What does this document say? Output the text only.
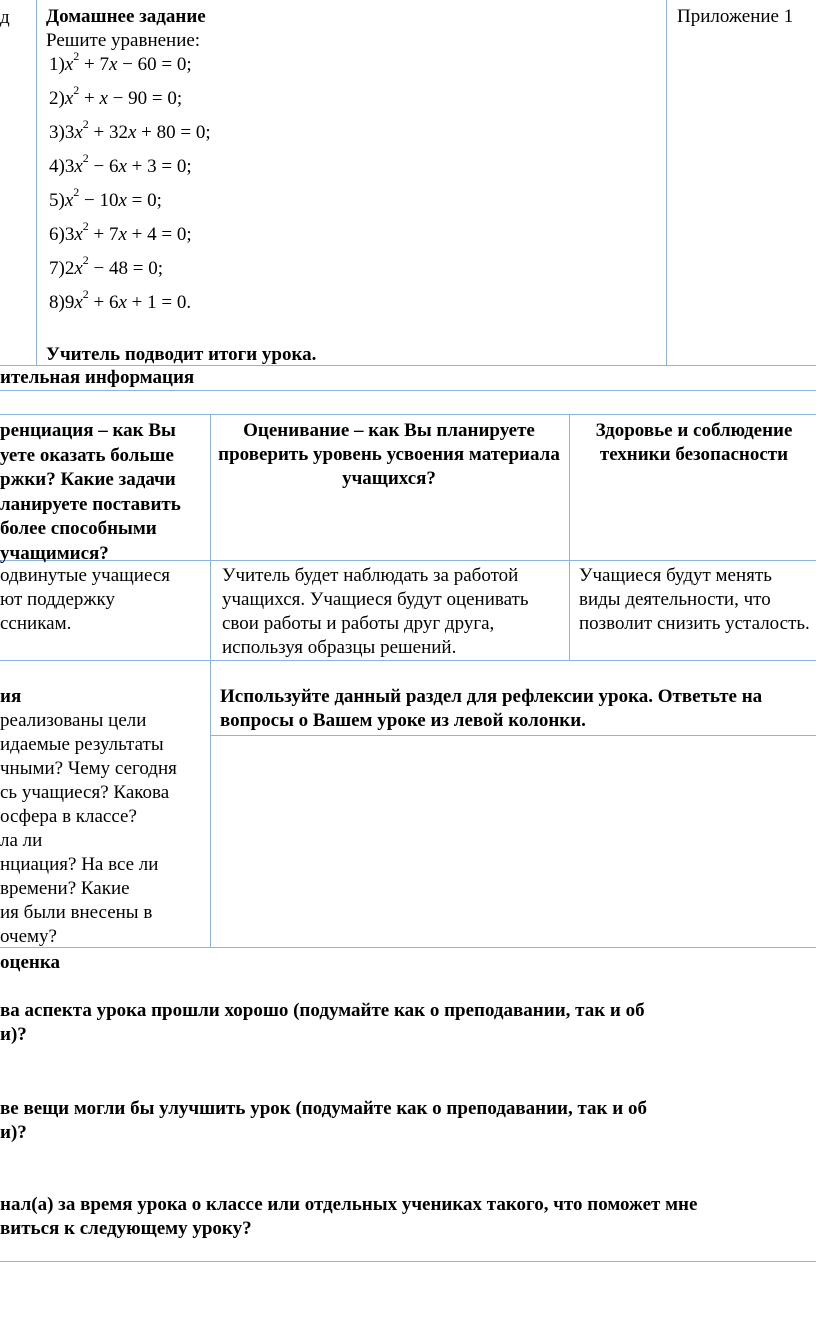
д Домашнее задание
Решите уравнение:
Приложение 1
$1)x^2 + 7x - 60 = 0$;
$2)x^2 + x - 90 = 0$;
$3)3x^2 + 32x + 80 = 0$;
$4)3x^2 - 6x + 3 = 0$;
$5)x^2 - 10x = 0$;
$6)3x^2 + 7x + 4 = 0$;
$7)2x^2 - 48 = 0$;
$8)9x^2 + 6x + 1 = 0$.
Учитель подводит итоги урока.
ительная информация
ренциация – как Вы
уете оказать больше
ржки? Какие задачи
ланируете поставить
более способными
учащимися?
Оценивание – как Вы планируете проверить уровень усвоения материала учащихся?
Здоровье и соблюдение техники безопасности
одвинутые учащиеся
ют поддержку
ссникам.
Учитель будет наблюдать за работой учащихся. Учащиеся будут оценивать свои работы и работы друг друга, используя образцы решений.
Учащиеся будут менять виды деятельности, что позволит снизить усталость.
ия
реализованы цели
идаемые результаты
чными? Чему сегодня
сь учащиеся? Какова
осфера в классе?
ла ли
нциация? На все ли
времени? Какие
ия были внесены в
очему?
Используйте данный раздел для рефлексии урока. Ответьте на вопросы о Вашем уроке из левой колонки.
оценка
ва аспекта урока прошли хорошо (подумайте как о преподавании, так и об
и)?
ве вещи могли бы улучшить урок (подумайте как о преподавании, так и об
и)?
нал(а) за время урока о классе или отдельных учениках такого, что поможет мне
виться к следующему уроку?
